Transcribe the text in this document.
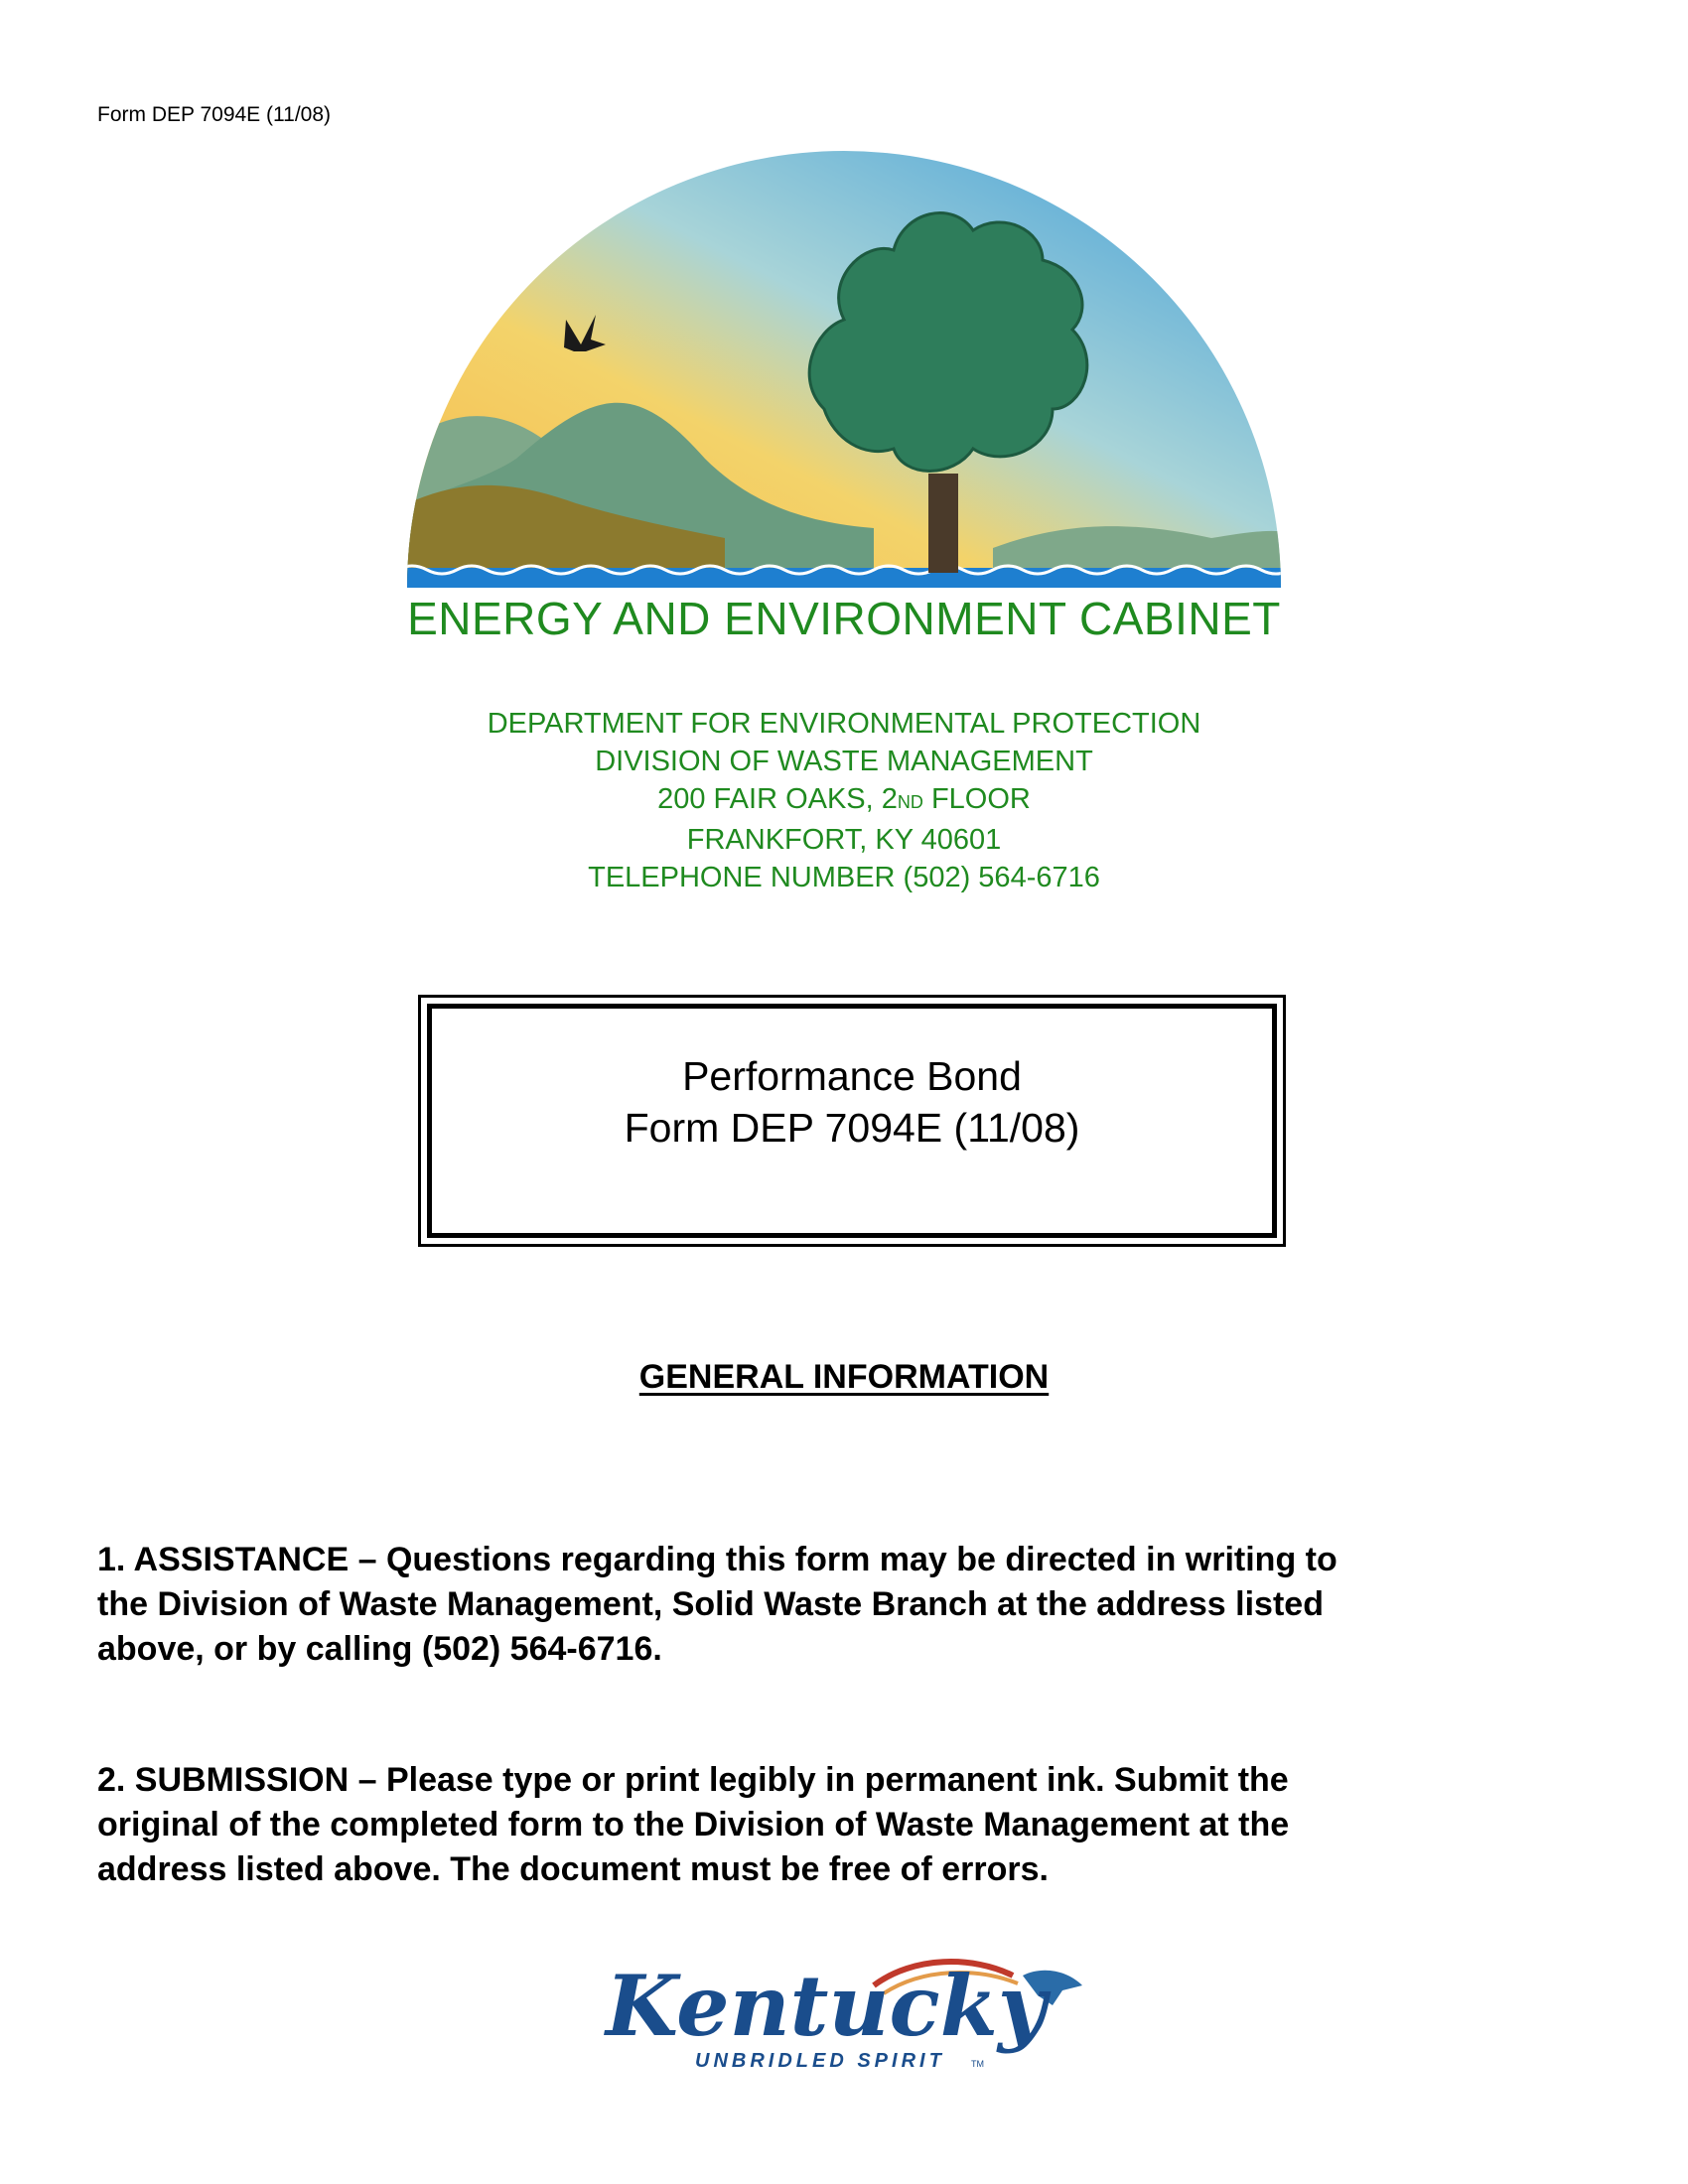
Form DEP 7094E (11/08)
ENERGY AND ENVIRONMENT CABINET
DEPARTMENT FOR ENVIRONMENTAL PROTECTION
DIVISION OF WASTE MANAGEMENT
200 FAIR OAKS, 2ND FLOOR
FRANKFORT, KY 40601
TELEPHONE NUMBER (502) 564-6716
Performance Bond
Form DEP 7094E (11/08)
GENERAL INFORMATION
1. ASSISTANCE – Questions regarding this form may be directed in writing to
the Division of Waste Management, Solid Waste Branch at the address listed
above, or by calling (502) 564-6716.
2. SUBMISSION – Please type or print legibly in permanent ink. Submit the
original of the completed form to the Division of Waste Management at the
address listed above. The document must be free of errors.
Kentucky
UNBRIDLED SPIRIT	TM
